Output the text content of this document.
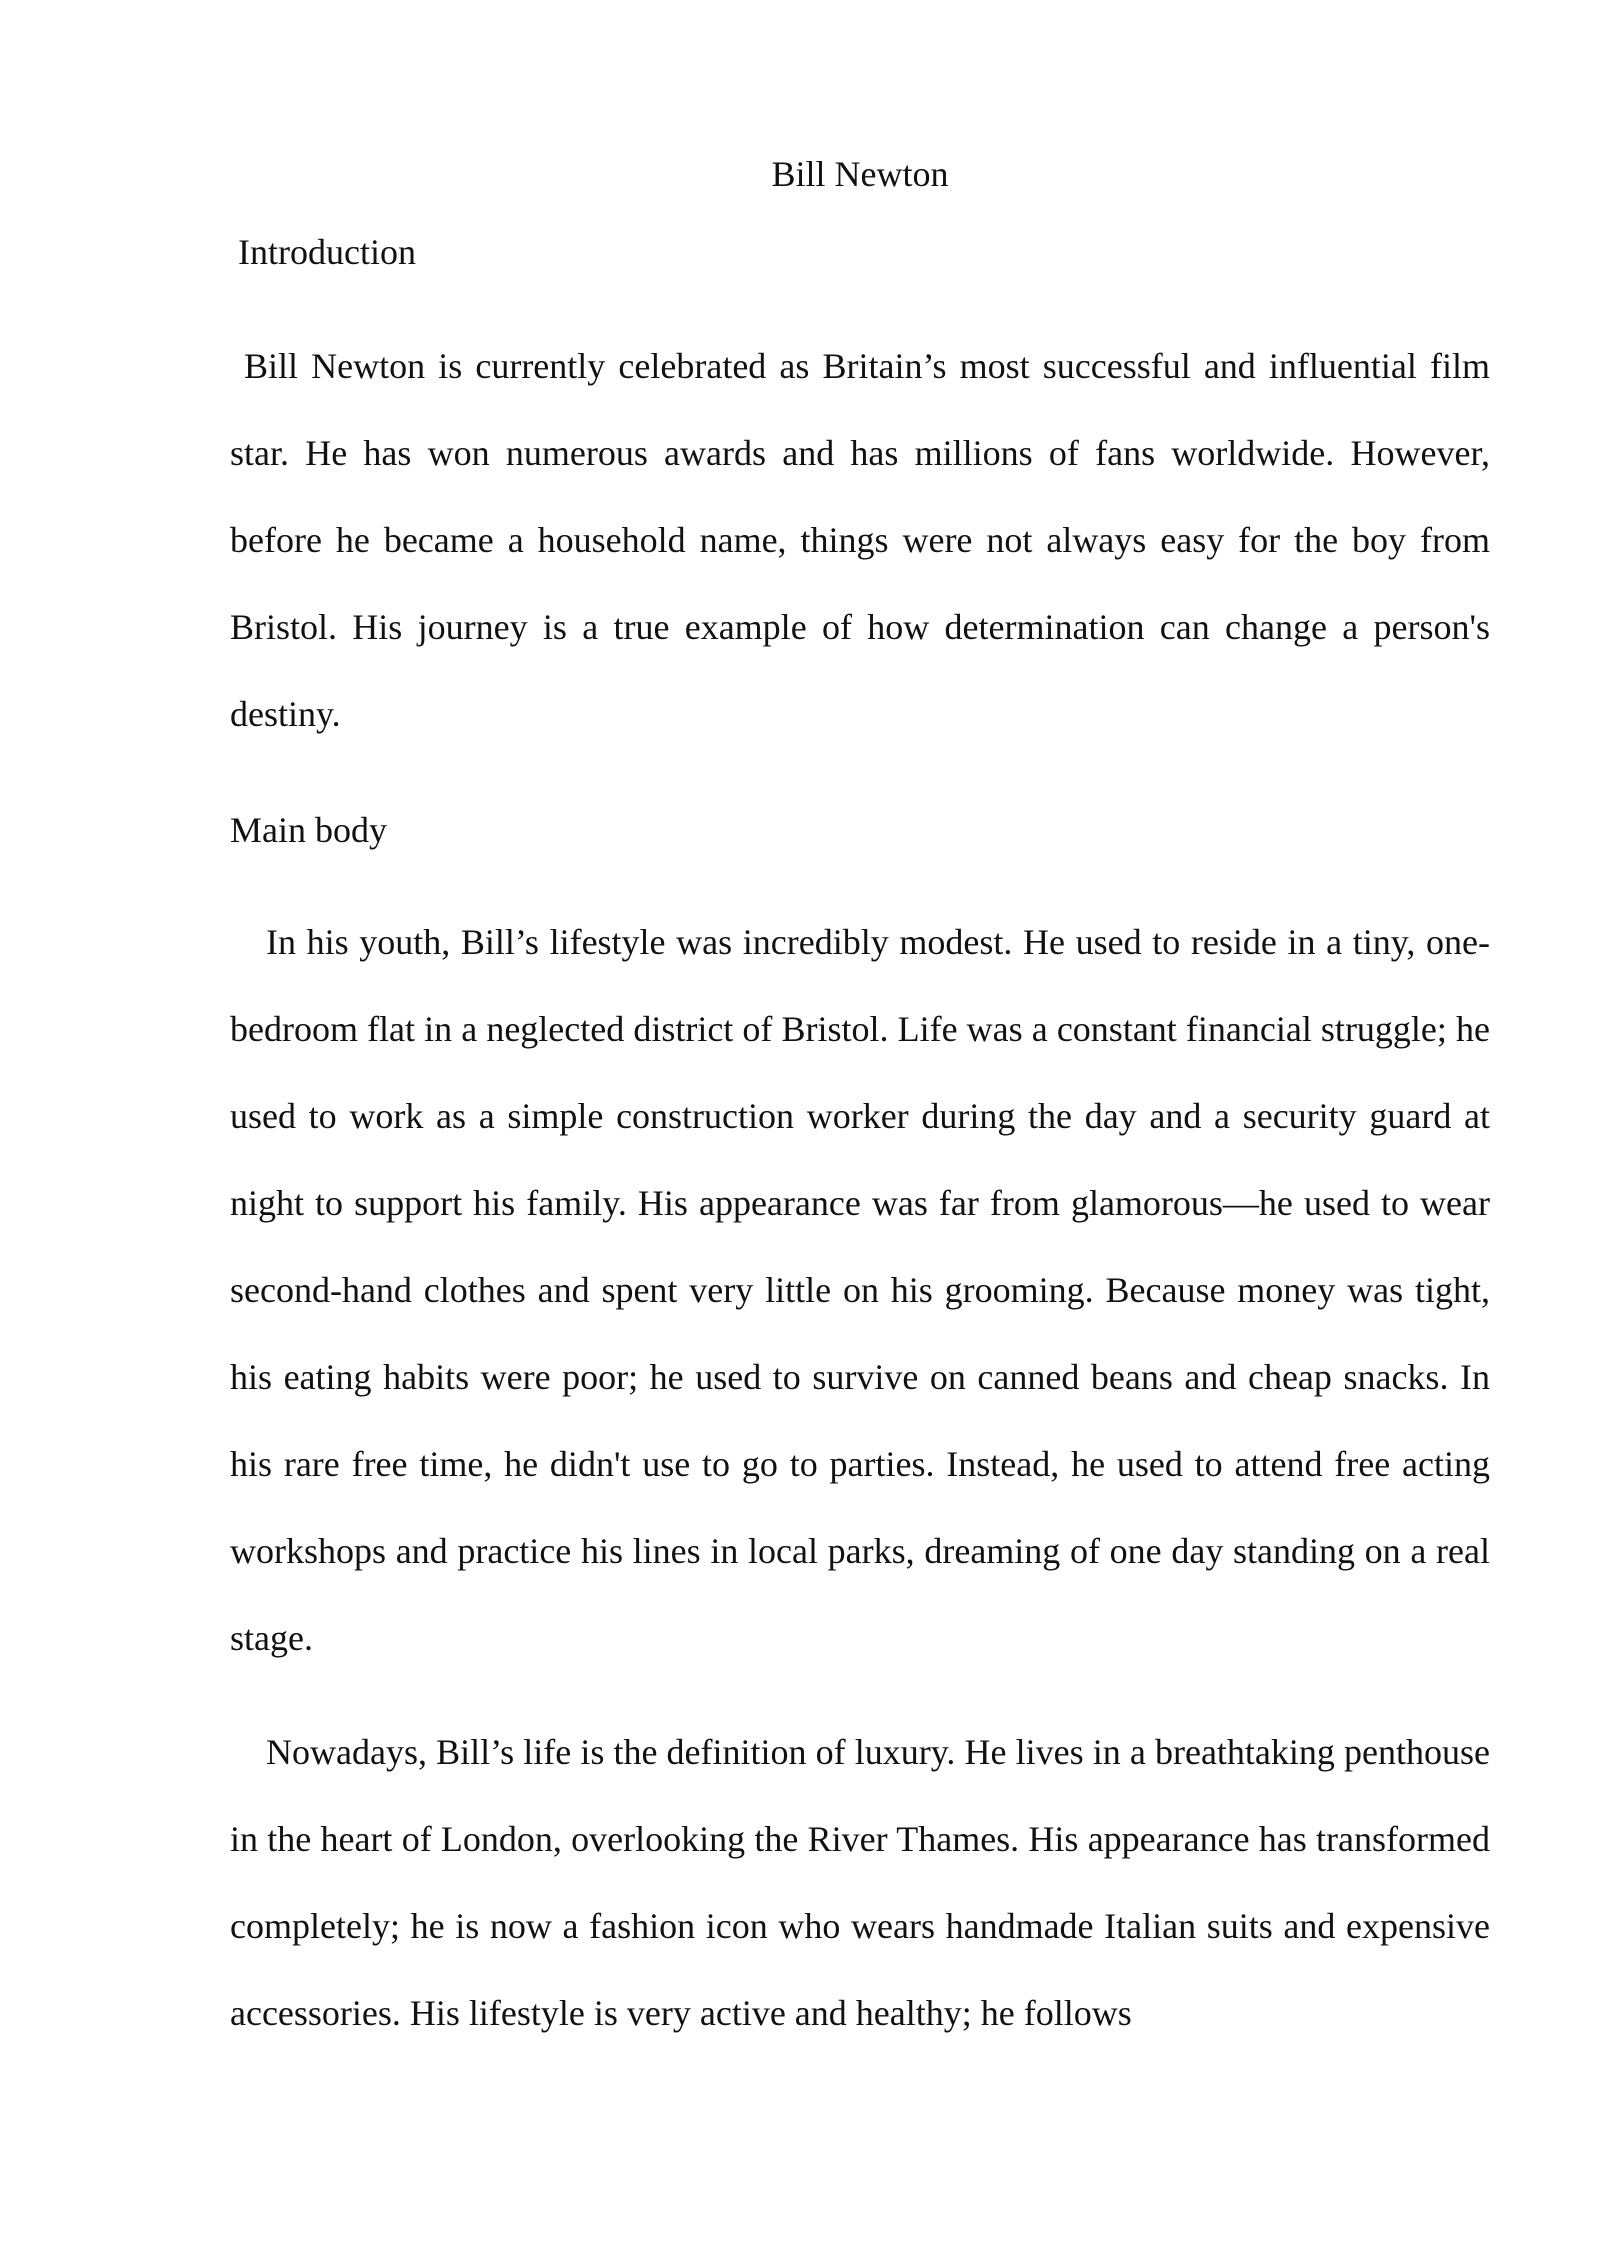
Bill Newton
Introduction

Bill Newton is currently celebrated as Britain’s most successful and influential film star. He has won numerous awards and has millions of fans worldwide. However, before he became a household name, things were not always easy for the boy from Bristol. His journey is a true example of how determination can change a person's destiny.

Main body

In his youth, Bill’s lifestyle was incredibly modest. He used to reside in a tiny, one-bedroom flat in a neglected district of Bristol. Life was a constant financial struggle; he used to work as a simple construction worker during the day and a security guard at night to support his family. His appearance was far from glamorous—he used to wear second-hand clothes and spent very little on his grooming. Because money was tight, his eating habits were poor; he used to survive on canned beans and cheap snacks. In his rare free time, he didn't use to go to parties. Instead, he used to attend free acting workshops and practice his lines in local parks, dreaming of one day standing on a real stage.

Nowadays, Bill’s life is the definition of luxury. He lives in a breathtaking penthouse in the heart of London, overlooking the River Thames. His appearance has transformed completely; he is now a fashion icon who wears handmade Italian suits and expensive accessories. His lifestyle is very active and healthy; he follows
